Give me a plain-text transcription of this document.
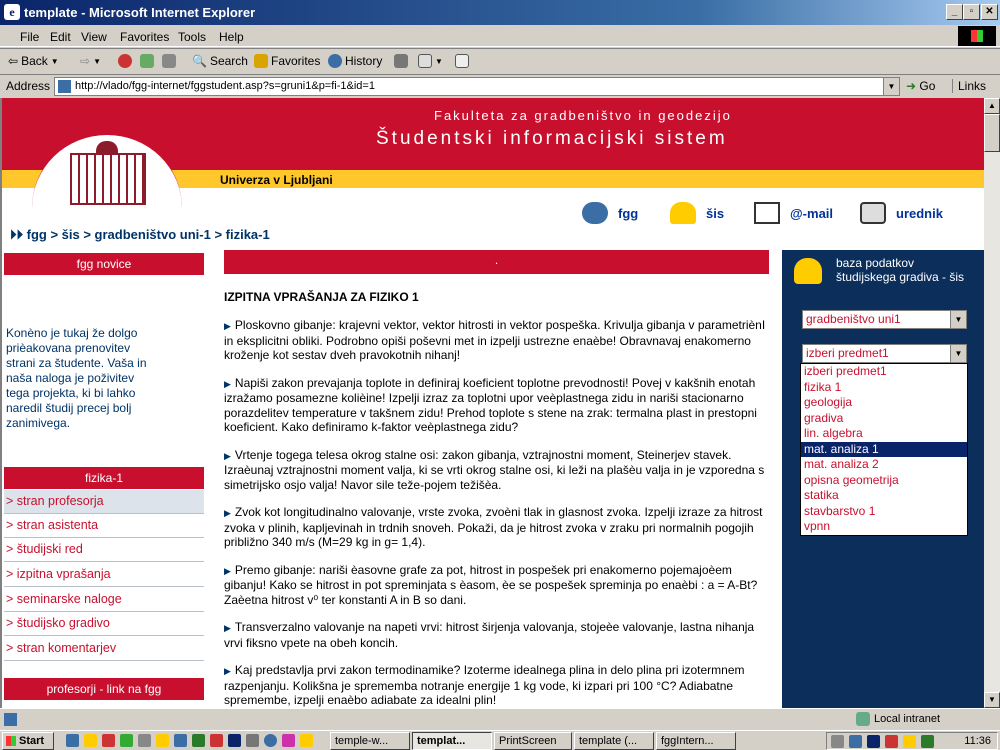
e template - Microsoft Internet Explorer	_	▫	✕
File Edit View Favorites Tools Help
⇦ Back ▼ ⇨ ▼	🔍 Search Favorites History	▼
Address	http://vlado/fgg-internet/fggstudent.asp?s=gruni1&p=fi-1&id=1	▼ ➜ Go	Links
Fakulteta za gradbeništvo in geodezijo
Študentski informacijski sistem
Univerza v Ljubljani
fgg	šis	@-mail	urednik
⏵⏵ fgg > šis > gradbeništvo uni-1 > fizika-1
fgg novice
Konèno je tukaj že dolgo prièakovana prenovitev strani za študente. Vaša in naša naloga je poživitev tega projekta, ki bi lahko naredil študij precej bolj zanimivega.
fizika-1
> stran profesorja
> stran asistenta
> študijski red
> izpitna vprašanja
> seminarske naloge
> študijsko gradivo
> stran komentarjev
profesorji - link na fgg
.
IZPITNA VPRAŠANJA ZA FIZIKO 1
▶ Ploskovno gibanje: krajevni vektor, vektor hitrosti in vektor pospeška. Krivulja gibanja v parametriènI in eksplicitni obliki. Podrobno opiši poševni met in izpelji ustrezne enaèbe! Obravnavaj enakomerno kroženje kot sestav dveh pravokotnih nihanj!
▶ Napiši zakon prevajanja toplote in definiraj koeficient toplotne prevodnosti! Povej v kakšnih enotah izražamo posamezne kolièine! Izpelji izraz za toplotni upor veèplastnega zidu in nariši stacionarno porazdelitev temperature v takšnem zidu! Prehod toplote s stene na zrak: termalna plast in prestopni koeficient. Kako definiramo k-faktor veèplastnega zidu?
▶ Vrtenje togega telesa okrog stalne osi: zakon gibanja, vztrajnostni moment, Steinerjev stavek. Izraèunaj vztrajnostni moment valja, ki se vrti okrog stalne osi, ki leži na plašèu valja in je vzporedna s simetrijsko osjo valja! Navor sile teže-pojem težišèa.
▶ Zvok kot longitudinalno valovanje, vrste zvoka, zvoèni tlak in glasnost zvoka. Izpelji izraze za hitrost zvoka v plinih, kapljevinah in trdnih snoveh. Pokaži, da je hitrost zvoka v zraku pri normalnih pogojih približno 340 m/s (M=29 kg in g= 1,4).
▶ Premo gibanje: nariši èasovne grafe za pot, hitrost in pospešek pri enakomerno pojemajoèem gibanju! Kako se hitrost in pot spreminjata s èasom, èe se pospešek spreminja po enaèbi : a = A-Bt? Zaèetna hitrost v⁰ ter konstanti A in B so dani.
▶ Transverzalno valovanje na napeti vrvi: hitrost širjenja valovanja, stojeèe valovanje, lastna nihanja vrvi fiksno vpete na obeh koncih.
▶ Kaj predstavlja prvi zakon termodinamike? Izoterme idealnega plina in delo plina pri izotermnem razpenjanju. Kolikšna je sprememba notranje energije 1 kg vode, ki izpari pri 100 °C? Adiabatne spremembe, izpelji enaèbo adiabate za idealni plin!
baza podatkov študijskega gradiva - šis
gradbeništvo uni1	▼
izberi predmet1	▼
izberi predmet1
fizika 1
geologija
gradiva
lin. algebra
mat. analiza 1
mat. analiza 2
opisna geometrija
statika
stavbarstvo 1
vpnn
▲
▼
Local intranet
Start	temple-w...	templat...	PrintScreen	template (...	fggIntern...	11:36
